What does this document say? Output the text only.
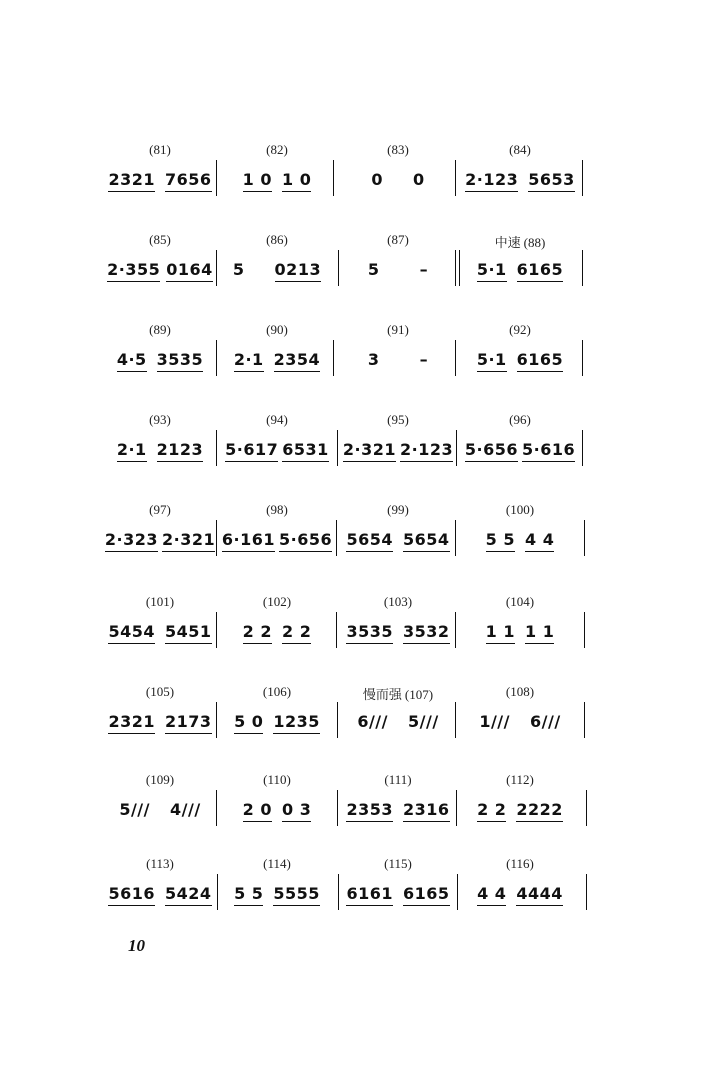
(81)
2321 7656
(82)
1 0 1 0
(83)
0 0
(84)
2·123 5653
(85)
2·355 0164
(86)
5 0213
(87)
5	–
中速 (88)
5·1 6165
(89)
4·5 3535
(90)
2·1 2354
(91)
3	–
(92)
5·1 6165
(93)
2·1 2123
(94)
5·617 6531
(95)
2·321 2·123
(96)
5·656 5·616
(97)
2·323 2·321
(98)
6·161 5·656
(99)
5654 5654
(100)
5 5 4 4
(101)
5454 5451
(102)
2 2 2 2
(103)
3535 3532
(104)
1 1 1 1
(105)
2321 2173
(106)
5 0 1235
慢而强 (107)
6/// 5///
(108)
1/// 6///
(109)
5/// 4///
(110)
2 0 0 3
(111)
2353 2316
(112)
2 2 2222
(113)
5616 5424
(114)
5 5 5555
(115)
6161 6165
(116)
4 4 4444
10
